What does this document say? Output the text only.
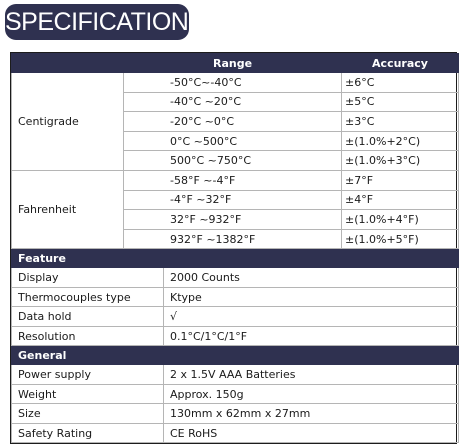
SPECIFICATIONS
	Range		Accuracy
Centigrade	-50°C~-40°C		±6°C
	-40°C ~20°C		±5°C
	-20°C ~0°C		±3°C
	0°C ~500°C		±(1.0%+2°C)
	500°C ~750°C		±(1.0%+3°C)
Fahrenheit	-58°F ~-4°F		±7°F
	-4°F ~32°F		±4°F
	32°F ~932°F		±(1.0%+4°F)
	932°F ~1382°F		±(1.0%+5°F)
Feature			
Display		2000 Counts	
Thermocouples type		Ktype	
Data hold		√	
Resolution		0.1°C/1°C/1°F	
General			
Power supply		2 x 1.5V AAA Batteries	
Weight		Approx. 150g	
Size		130mm x 62mm x 27mm	
Safety Rating		CE RoHS	
